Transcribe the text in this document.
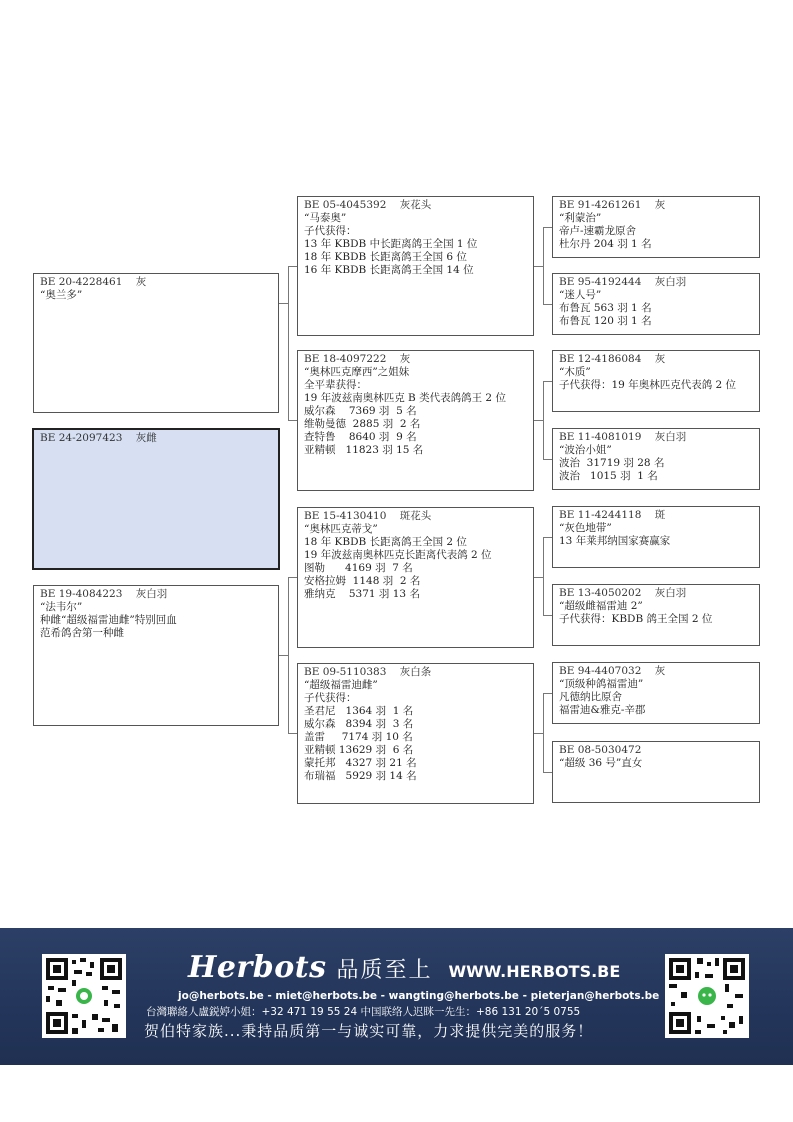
BE 20-4228461    灰
“奥兰多”
BE 24-2097423    灰雌
BE 19-4084223    灰白羽
“法韦尔”
种雌“超级福雷迪雌”特别回血
范希鸽舍第一种雌
BE 05-4045392    灰花头
“马泰奥”
子代获得：
13 年 KBDB 中长距离鸽王全国 1 位
18 年 KBDB 长距离鸽王全国 6 位
16 年 KBDB 长距离鸽王全国 14 位
BE 18-4097222    灰
“奥林匹克摩西”之姐妹
全平辈获得：
19 年波兹南奥林匹克 B 类代表鸽鸽王 2 位
威尔森    7369 羽  5 名
维勒曼德  2885 羽  2 名
查特鲁    8640 羽  9 名
亚精顿   11823 羽 15 名
BE 15-4130410    斑花头
“奥林匹克蒂戈”
18 年 KBDB 长距离鸽王全国 2 位
19 年波兹南奥林匹克长距离代表鸽 2 位
图勒      4169 羽  7 名
安格拉姆  1148 羽  2 名
雅纳克    5371 羽 13 名
BE 09-5110383    灰白条
“超级福雷迪雌”
子代获得：
圣君尼   1364 羽  1 名
威尔森   8394 羽  3 名
盖雷     7174 羽 10 名
亚精顿 13629 羽  6 名
蒙托邦   4327 羽 21 名
布瑞福   5929 羽 14 名
BE 91-4261261    灰
“利蒙治”
帝卢-速霸龙原舍
杜尔丹 204 羽 1 名
BE 95-4192444    灰白羽
“迷人号”
布鲁瓦 563 羽 1 名
布鲁瓦 120 羽 1 名
BE 12-4186084    灰
“木质”
子代获得：19 年奥林匹克代表鸽 2 位
BE 11-4081019    灰白羽
“波治小姐”
波治  31719 羽 28 名
波治   1015 羽  1 名
BE 11-4244118    斑
“灰色地带”
13 年莱邦纳国家赛赢家
BE 13-4050202    灰白羽
“超级雌福雷迪 2”
子代获得：KBDB 鸽王全国 2 位
BE 94-4407032    灰
“顶级种鸽福雷迪”
凡德纳比原舍
福雷迪&雅克-辛郡
BE 08-5030472
“超级 36 号”直女
Herbots 品质至上 WWW.HERBOTS.BE
jo@herbots.be - miet@herbots.be - wangting@herbots.be - pieterjan@herbots.be
台灣聯絡人盧鋭婷小姐：+32 471 19 55 24 中国联络人迟眯一先生：+86 131 20´5 0755
贺伯特家族...秉持品质第一与诚实可靠，力求提供完美的服务！
